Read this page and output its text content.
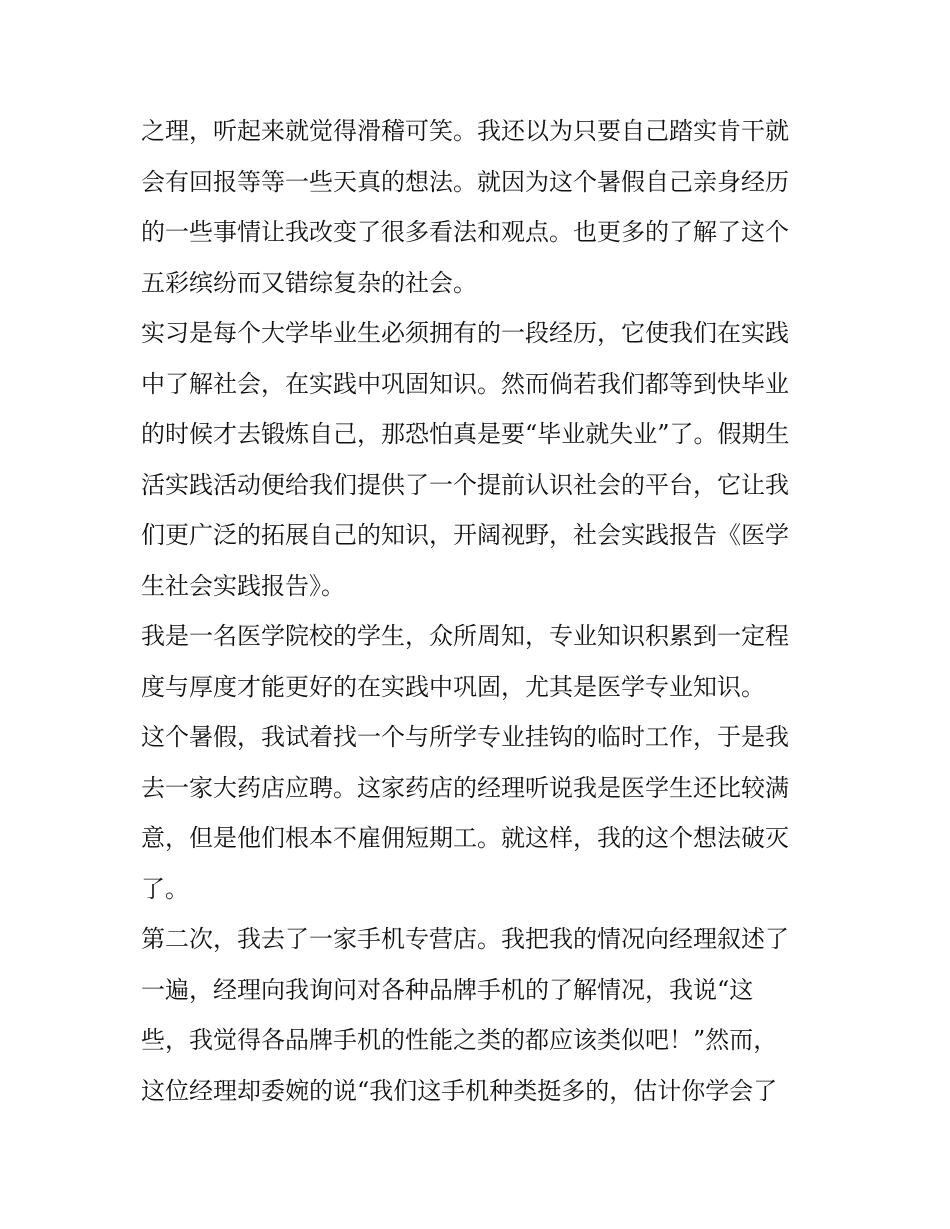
之理，听起来就觉得滑稽可笑。我还以为只要自己踏实肯干就
会有回报等等一些天真的想法。就因为这个暑假自己亲身经历
的一些事情让我改变了很多看法和观点。也更多的了解了这个
五彩缤纷而又错综复杂的社会。
实习是每个大学毕业生必须拥有的一段经历，它使我们在实践
中了解社会，在实践中巩固知识。然而倘若我们都等到快毕业
的时候才去锻炼自己，那恐怕真是要“毕业就失业”了。假期生
活实践活动便给我们提供了一个提前认识社会的平台，它让我
们更广泛的拓展自己的知识，开阔视野，社会实践报告《医学
生社会实践报告》。
我是一名医学院校的学生，众所周知，专业知识积累到一定程
度与厚度才能更好的在实践中巩固，尤其是医学专业知识。
这个暑假，我试着找一个与所学专业挂钩的临时工作，于是我
去一家大药店应聘。这家药店的经理听说我是医学生还比较满
意，但是他们根本不雇佣短期工。就这样，我的这个想法破灭
了。
第二次，我去了一家手机专营店。我把我的情况向经理叙述了
一遍，经理向我询问对各种品牌手机的了解情况，我说“这
些，我觉得各品牌手机的性能之类的都应该类似吧！”然而，
这位经理却委婉的说“我们这手机种类挺多的，估计你学会了
